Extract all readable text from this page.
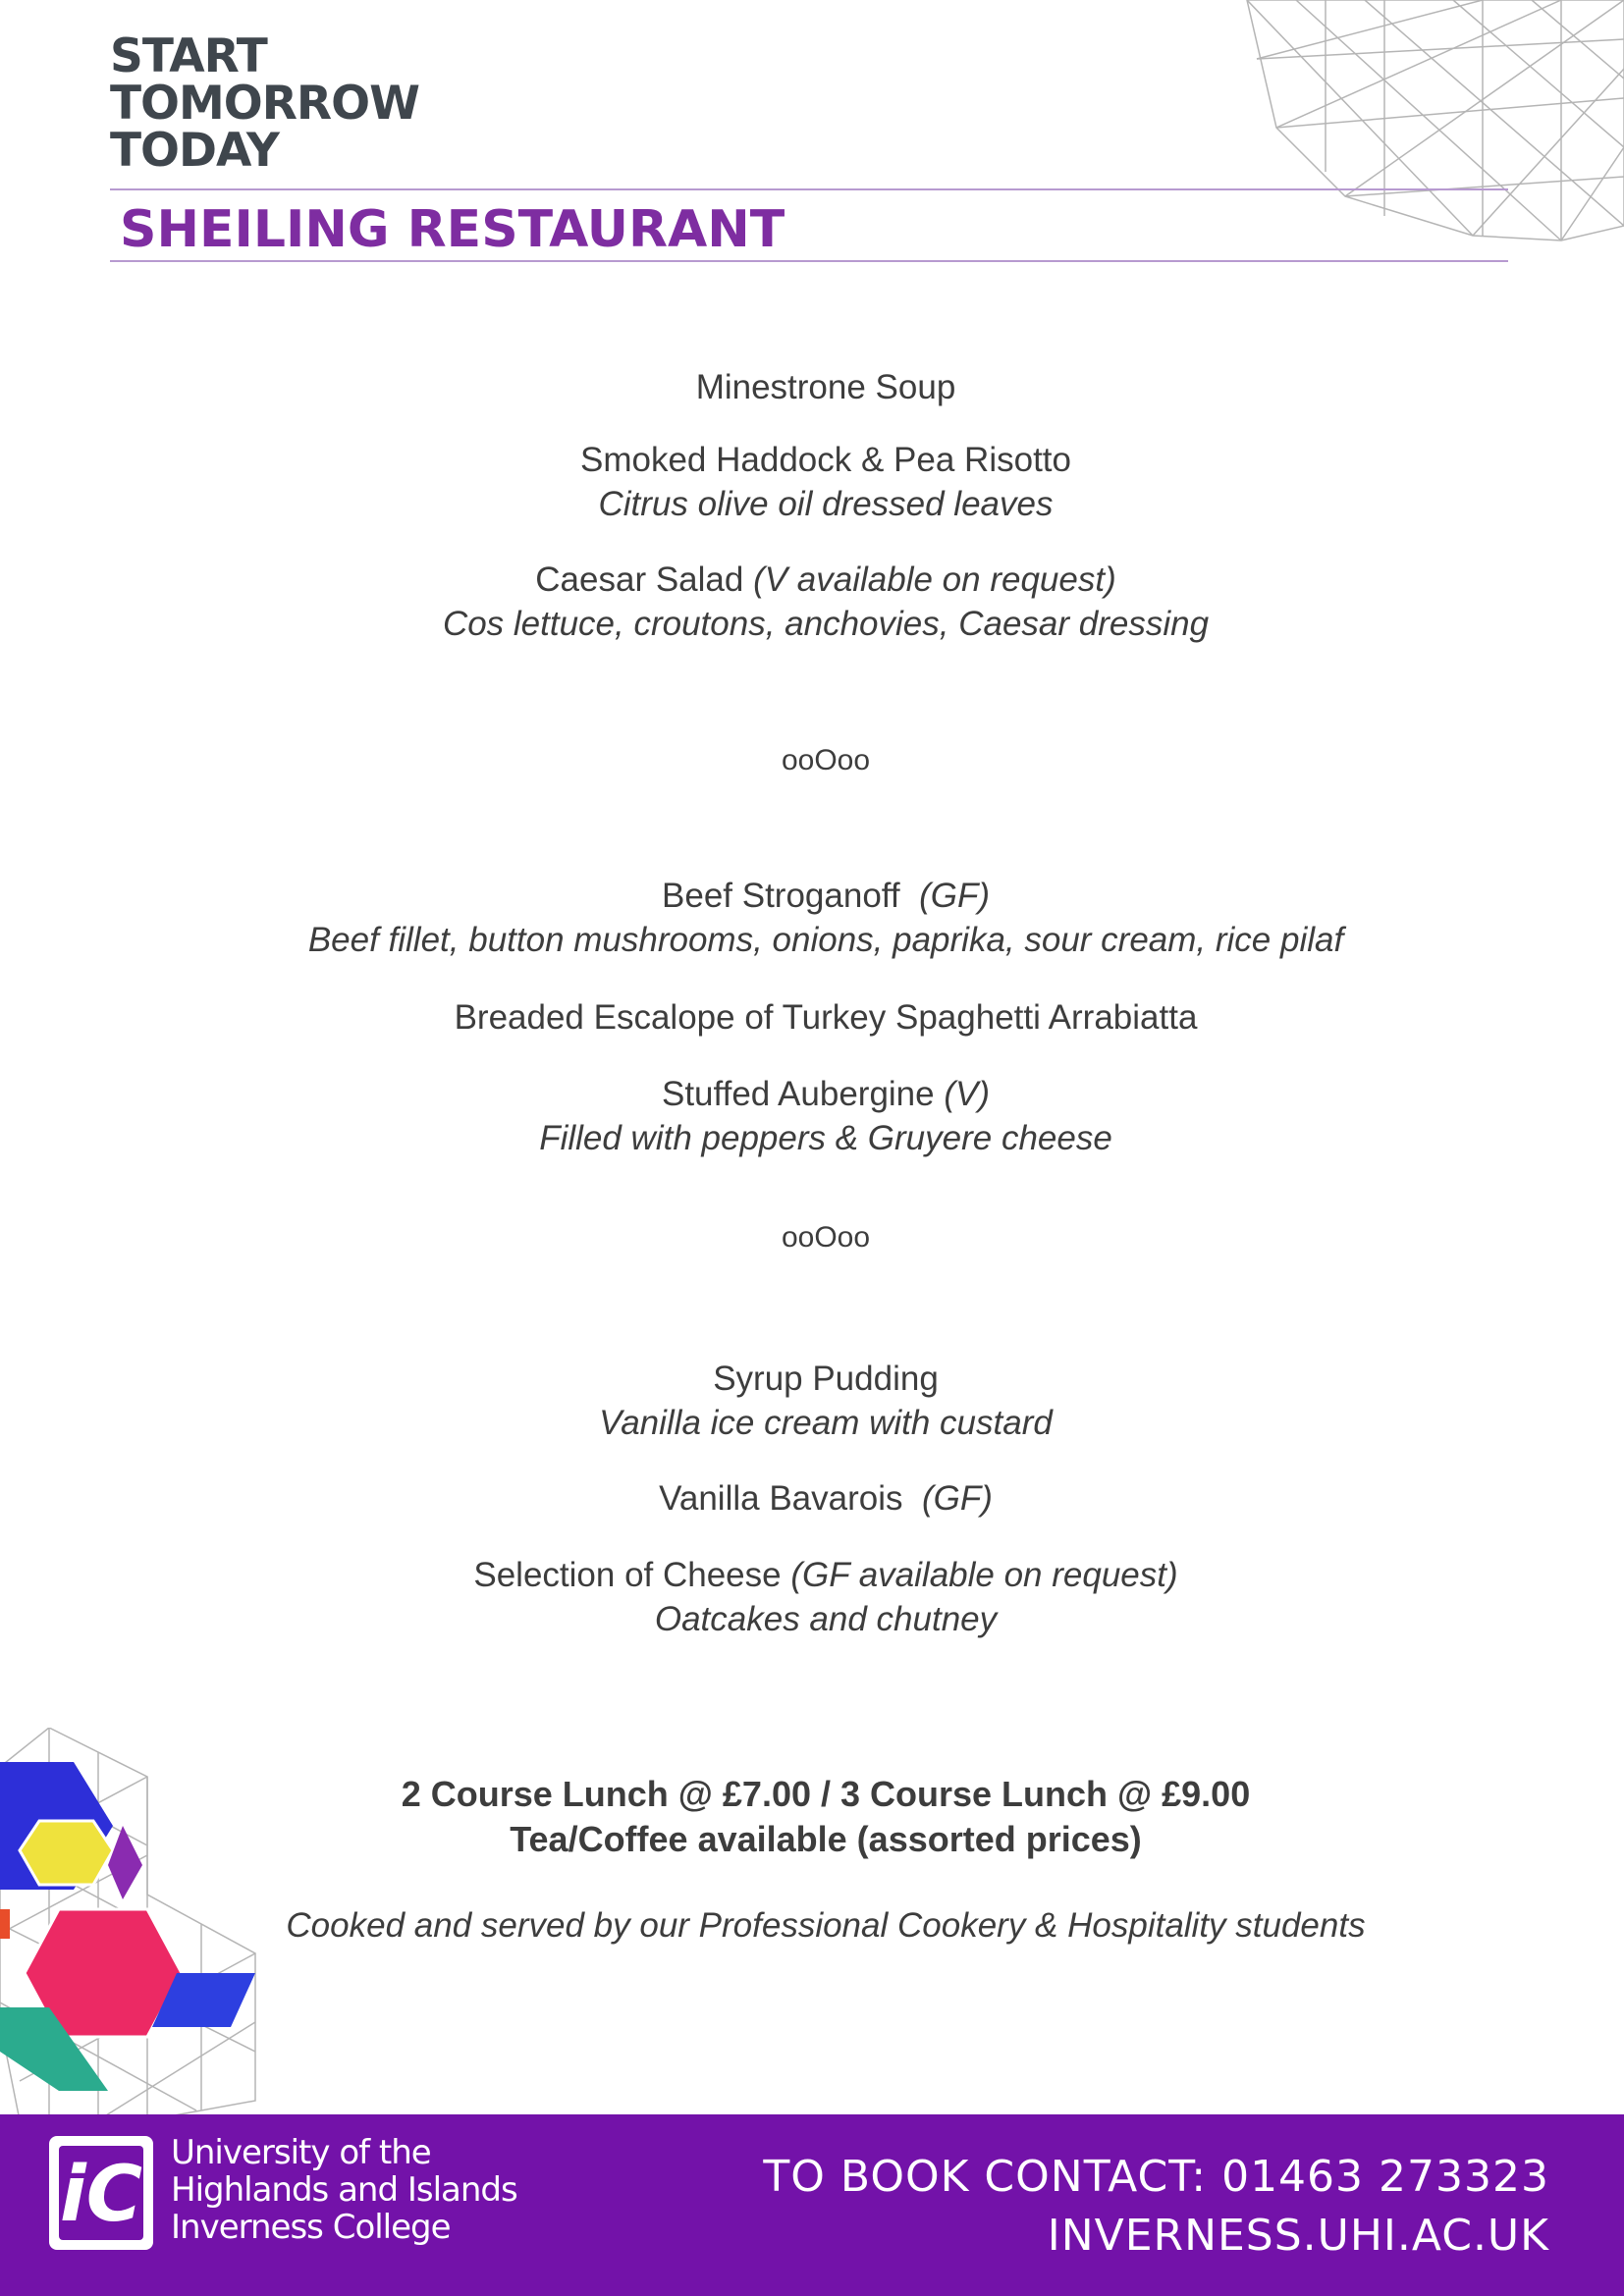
START
TOMORROW
TODAY
SHEILING RESTAURANT
Minestrone Soup
Smoked Haddock & Pea Risotto
Citrus olive oil dressed leaves
Caesar Salad (V available on request)
Cos lettuce, croutons, anchovies, Caesar dressing
ooOoo
Beef Stroganoff (GF)
Beef fillet, button mushrooms, onions, paprika, sour cream, rice pilaf
Breaded Escalope of Turkey Spaghetti Arrabiatta
Stuffed Aubergine (V)
Filled with peppers & Gruyere cheese
ooOoo
Syrup Pudding
Vanilla ice cream with custard
Vanilla Bavarois (GF)
Selection of Cheese (GF available on request)
Oatcakes and chutney
2 Course Lunch @ £7.00 / 3 Course Lunch @ £9.00
Tea/Coffee available (assorted prices)
Cooked and served by our Professional Cookery & Hospitality students
iC University of the
Highlands and Islands
Inverness College
TO BOOK CONTACT: 01463 273323
INVERNESS.UHI.AC.UK
